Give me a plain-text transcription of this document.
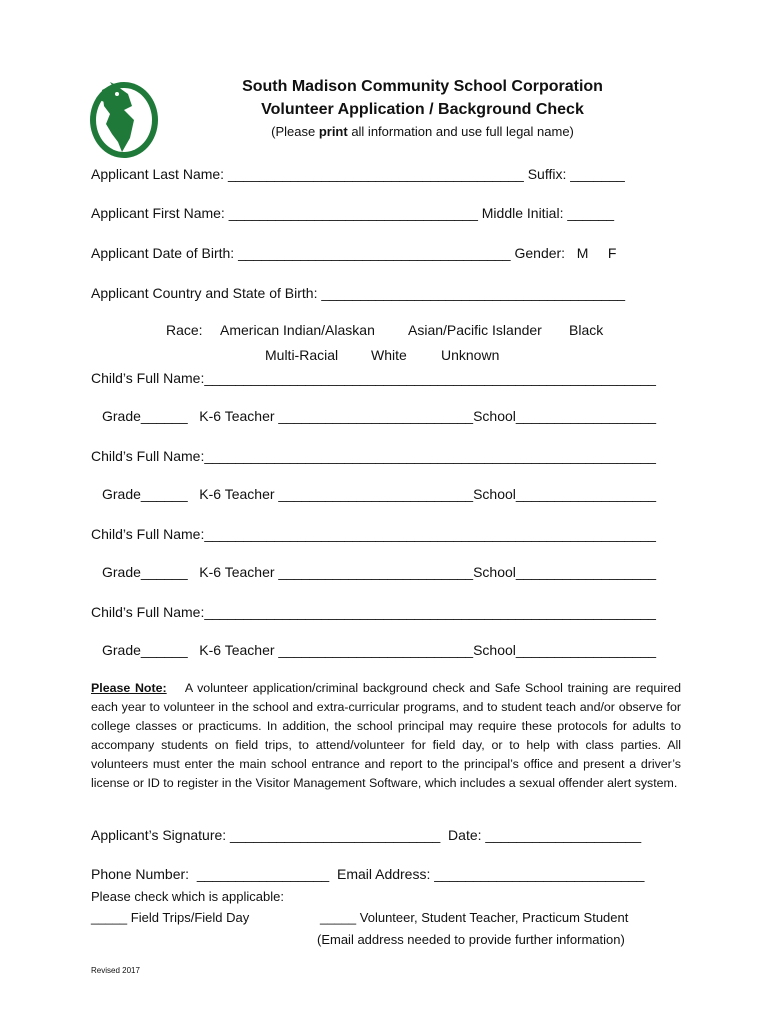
South Madison Community School Corporation
Volunteer Application / Background Check
(Please print all information and use full legal name)
Applicant Last Name: ______________________________________ Suffix: _______
Applicant First Name: ________________________________ Middle Initial: ______
Applicant Date of Birth: ___________________________________ Gender:   M     F
Applicant Country and State of Birth: _______________________________________
Race: American Indian/Alaskan Asian/Pacific Islander Black
Multi-Racial White Unknown
Child’s Full Name:__________________________________________________________
Grade______   K-6 Teacher _________________________School__________________
Child’s Full Name:__________________________________________________________
Grade______   K-6 Teacher _________________________School__________________
Child’s Full Name:__________________________________________________________
Grade______   K-6 Teacher _________________________School__________________
Child’s Full Name:__________________________________________________________
Grade______   K-6 Teacher _________________________School__________________
Please Note: A volunteer application/criminal background check and Safe School training are required each year to volunteer in the school and extra-curricular programs, and to student teach and/or observe for college classes or practicums. In addition, the school principal may require these protocols for adults to accompany students on field trips, to attend/volunteer for field day, or to help with class parties. All volunteers must enter the main school entrance and report to the principal’s office and present a driver’s license or ID to register in the Visitor Management Software, which includes a sexual offender alert system.
Applicant’s Signature: ___________________________  Date: ____________________
Phone Number:  _________________  Email Address: ___________________________
Please check which is applicable:
_____ Field Trips/Field Day	_____ Volunteer, Student Teacher, Practicum Student
(Email address needed to provide further information)
Revised 2017
